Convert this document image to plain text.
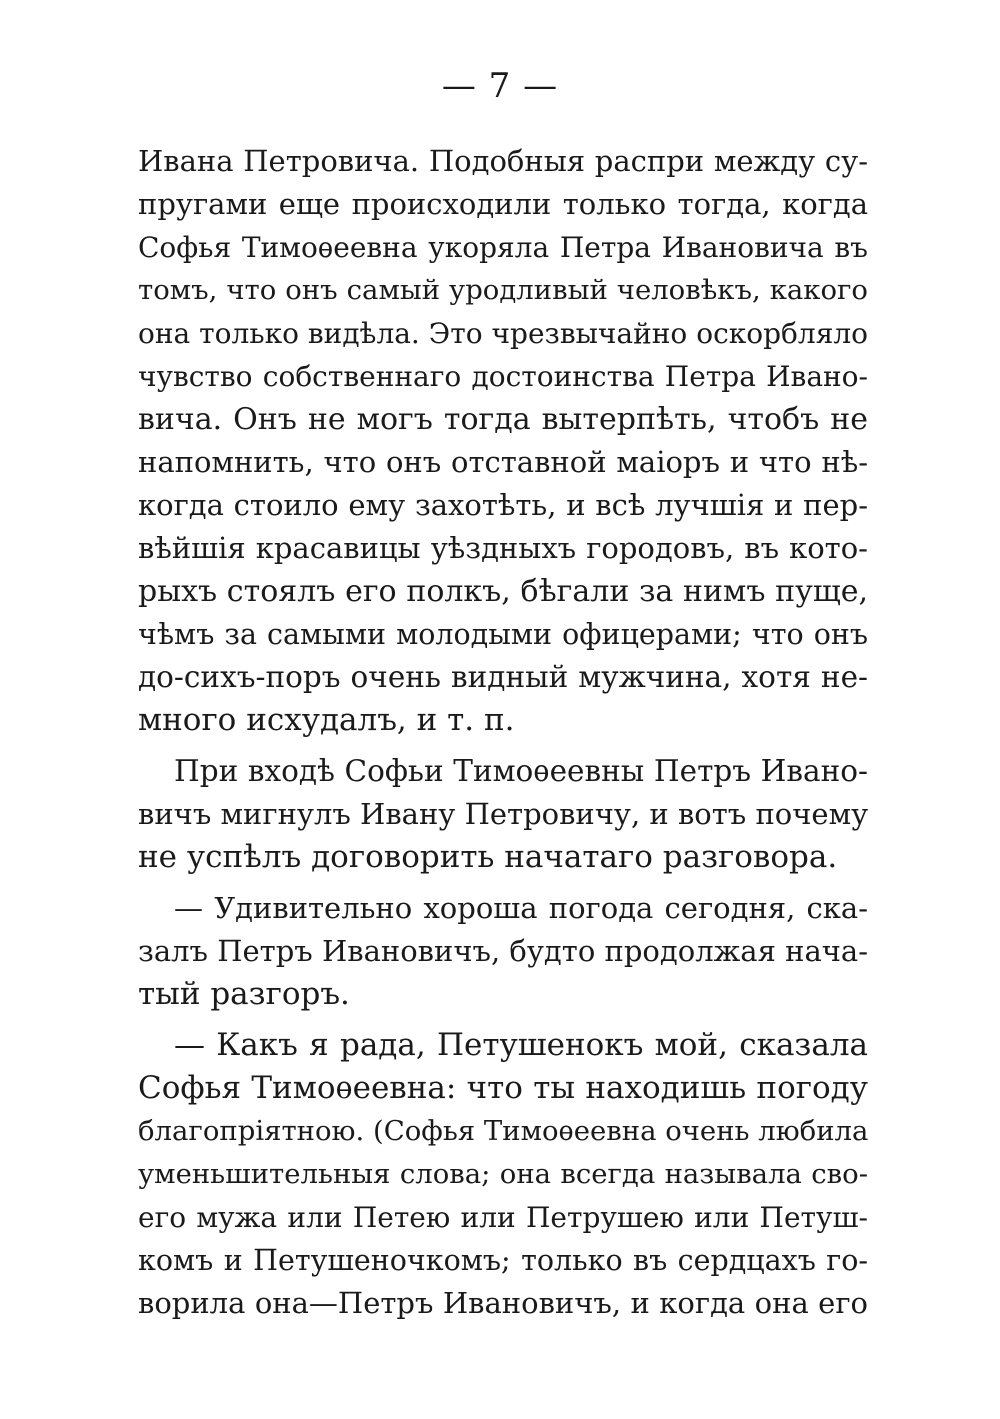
— 7 —
Ивана Петровича. Подобныя распри между су-
пругами еще происходили только тогда, когда
Софья Тимоѳеевна укоряла Петра Ивановича въ
томъ, что онъ самый уродливый человѣкъ, какого
она только видѣла. Это чрезвычайно оскорбляло
чувство собственнаго достоинства Петра Ивано-
вича. Онъ не могъ тогда вытерпѣть, чтобъ не
напомнить, что онъ отставной маіоръ и что нѣ-
когда стоило ему захотѣть, и всѣ лучшія и пер-
вѣйшія красавицы уѣздныхъ городовъ, въ кото-
рыхъ стоялъ его полкъ, бѣгали за нимъ пуще,
чѣмъ за самыми молодыми офицерами; что онъ
до-сихъ-поръ очень видный мужчина, хотя не-
много исхудалъ, и т. п.
При входѣ Софьи Тимоѳеевны Петръ Ивано-
вичъ мигнулъ Ивану Петровичу, и вотъ почему
не успѣлъ договорить начатаго разговора.
— Удивительно хороша погода сегодня, ска-
залъ Петръ Ивановичъ, будто продолжая нача-
тый разгоръ.
— Какъ я рада, Петушенокъ мой, сказала
Софья Тимоѳеевна: что ты находишь погоду
благопріятною. (Софья Тимоѳеевна очень любила
уменьшительныя слова; она всегда называла сво-
его мужа или Петею или Петрушею или Петуш-
комъ и Петушеночкомъ; только въ сердцахъ го-
ворила она—Петръ Ивановичъ, и когда она его
